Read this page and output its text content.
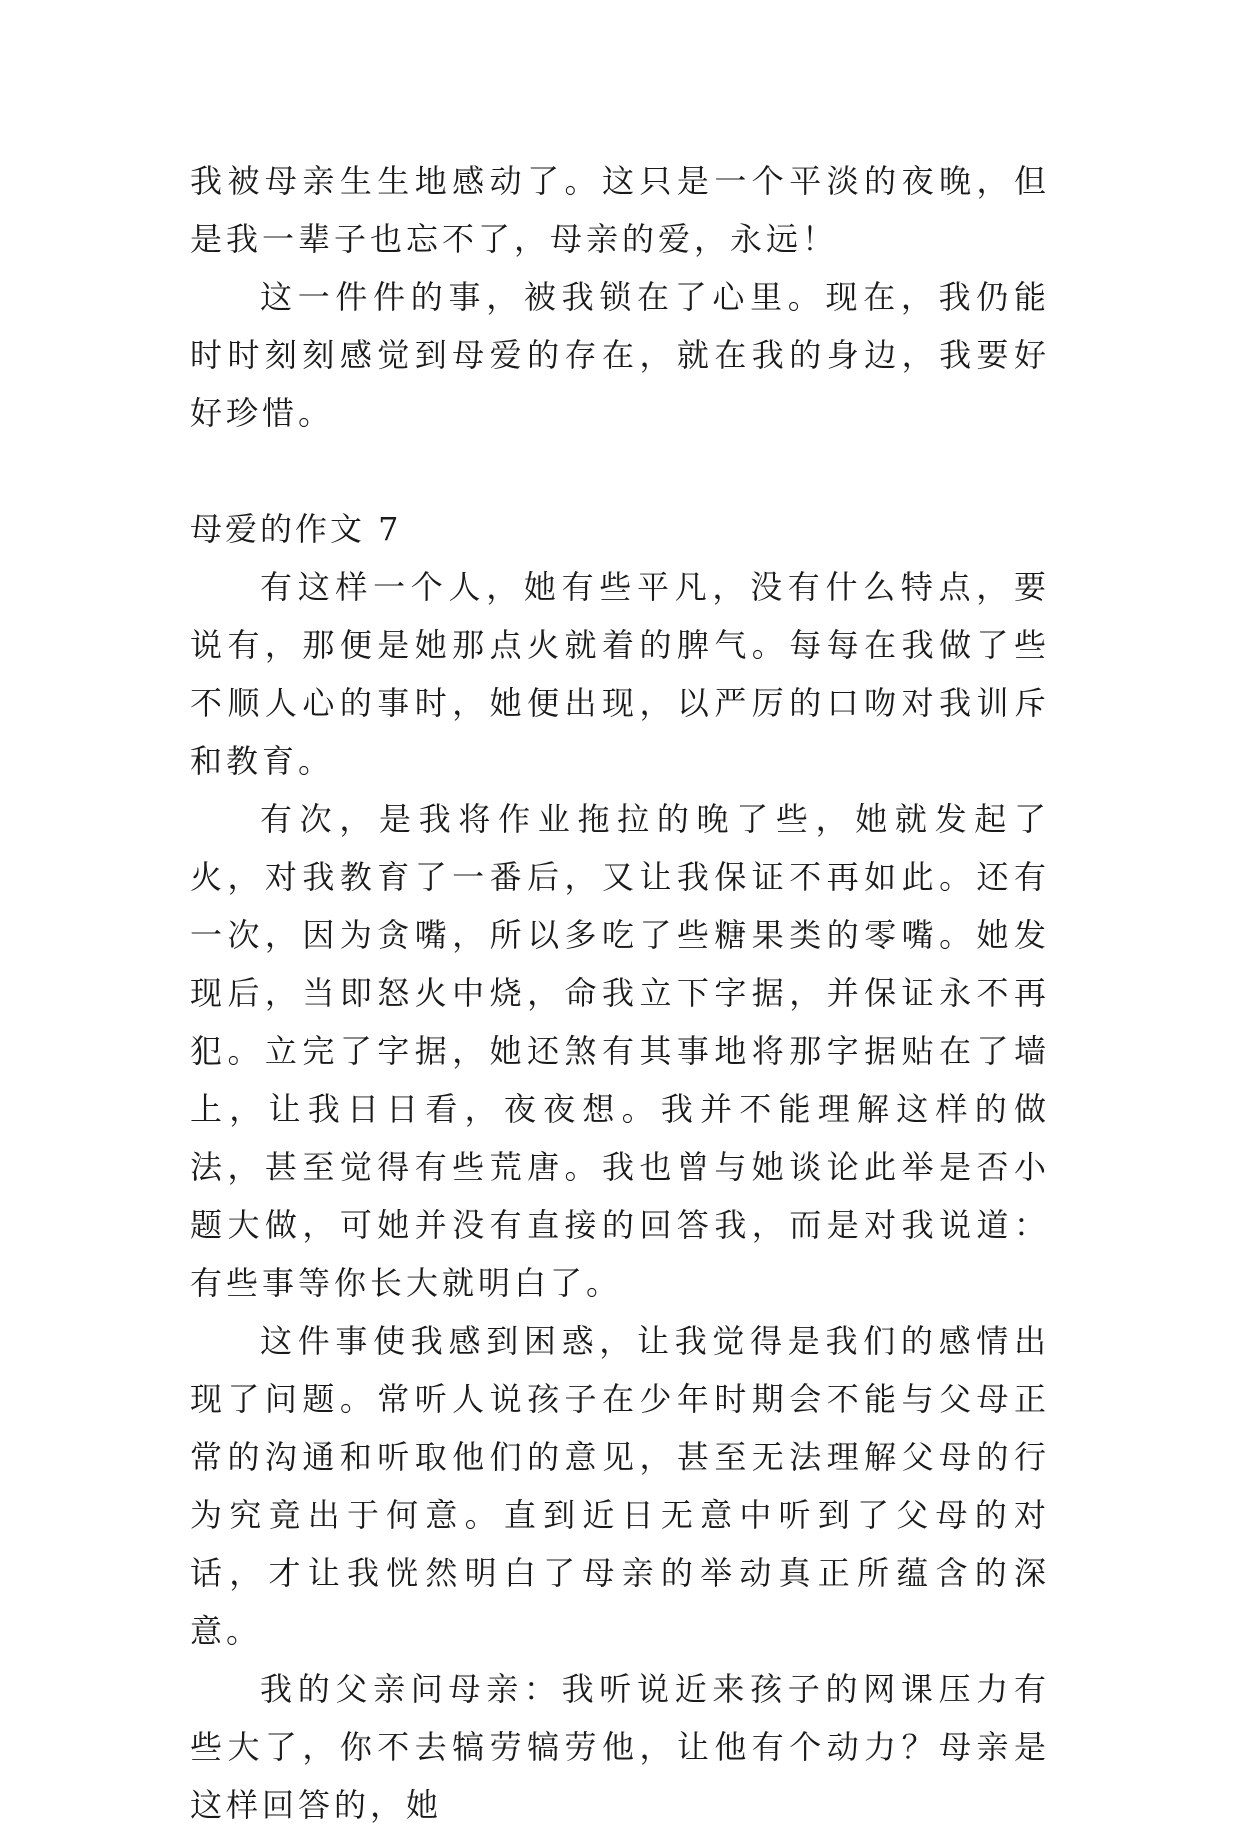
我被母亲生生地感动了。这只是一个平淡的夜晚，但是我一辈子也忘不了，母亲的爱，永远！

这一件件的事，被我锁在了心里。现在，我仍能时时刻刻感觉到母爱的存在，就在我的身边，我要好好珍惜。

母爱的作文 7

有这样一个人，她有些平凡，没有什么特点，要说有，那便是她那点火就着的脾气。每每在我做了些不顺人心的事时，她便出现，以严厉的口吻对我训斥和教育。

有次，是我将作业拖拉的晚了些，她就发起了火，对我教育了一番后，又让我保证不再如此。还有一次，因为贪嘴，所以多吃了些糖果类的零嘴。她发现后，当即怒火中烧，命我立下字据，并保证永不再犯。立完了字据，她还煞有其事地将那字据贴在了墙上，让我日日看，夜夜想。我并不能理解这样的做法，甚至觉得有些荒唐。我也曾与她谈论此举是否小题大做，可她并没有直接的回答我，而是对我说道：有些事等你长大就明白了。

这件事使我感到困惑，让我觉得是我们的感情出现了问题。常听人说孩子在少年时期会不能与父母正常的沟通和听取他们的意见，甚至无法理解父母的行为究竟出于何意。直到近日无意中听到了父母的对话，才让我恍然明白了母亲的举动真正所蕴含的深意。

我的父亲问母亲：我听说近来孩子的网课压力有些大了，你不去犒劳犒劳他，让他有个动力？母亲是这样回答的，她
